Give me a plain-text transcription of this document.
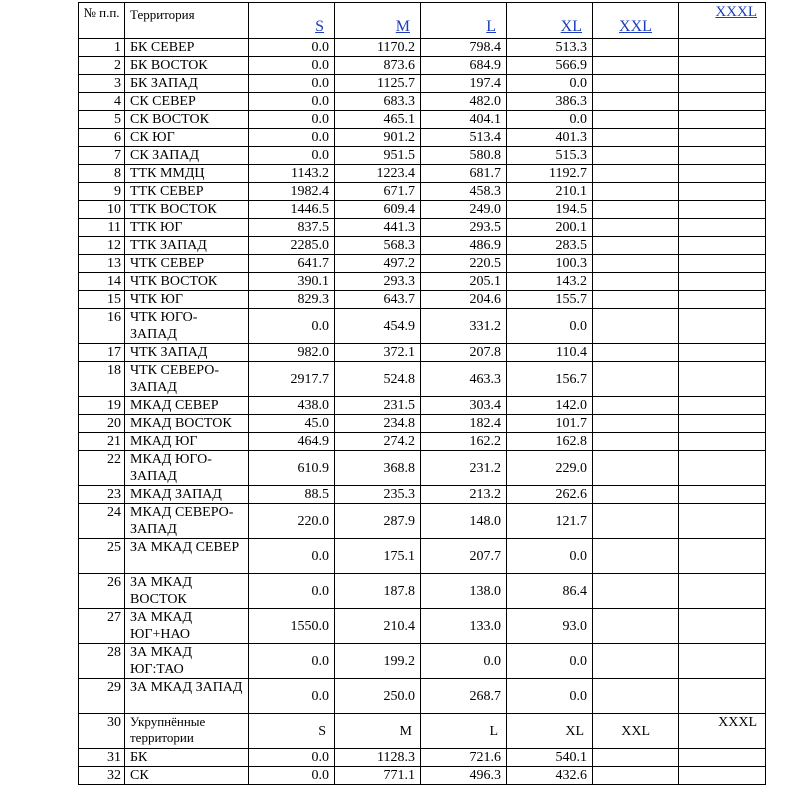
№ п.п.	Территория	S	M	L	XL	XXL	XXXL
1	БК СЕВЕР	0.0	1170.2	798.4	513.3		
2	БК ВОСТОК	0.0	873.6	684.9	566.9		
3	БК ЗАПАД	0.0	1125.7	197.4	0.0		
4	СК СЕВЕР	0.0	683.3	482.0	386.3		
5	СК ВОСТОК	0.0	465.1	404.1	0.0		
6	СК ЮГ	0.0	901.2	513.4	401.3		
7	СК ЗАПАД	0.0	951.5	580.8	515.3		
8	ТТК ММДЦ	1143.2	1223.4	681.7	1192.7		
9	ТТК СЕВЕР	1982.4	671.7	458.3	210.1		
10	ТТК ВОСТОК	1446.5	609.4	249.0	194.5		
11	ТТК ЮГ	837.5	441.3	293.5	200.1		
12	ТТК ЗАПАД	2285.0	568.3	486.9	283.5		
13	ЧТК СЕВЕР	641.7	497.2	220.5	100.3		
14	ЧТК ВОСТОК	390.1	293.3	205.1	143.2		
15	ЧТК ЮГ	829.3	643.7	204.6	155.7		
16	ЧТК ЮГО-ЗАПАД	0.0	454.9	331.2	0.0		
17	ЧТК ЗАПАД	982.0	372.1	207.8	110.4		
18	ЧТК СЕВЕРО-ЗАПАД	2917.7	524.8	463.3	156.7		
19	МКАД СЕВЕР	438.0	231.5	303.4	142.0		
20	МКАД ВОСТОК	45.0	234.8	182.4	101.7		
21	МКАД ЮГ	464.9	274.2	162.2	162.8		
22	МКАД ЮГО-ЗАПАД	610.9	368.8	231.2	229.0		
23	МКАД ЗАПАД	88.5	235.3	213.2	262.6		
24	МКАД СЕВЕРО-ЗАПАД	220.0	287.9	148.0	121.7		
25	ЗА МКАД СЕВЕР	0.0	175.1	207.7	0.0		
26	ЗА МКАД ВОСТОК	0.0	187.8	138.0	86.4		
27	ЗА МКАД ЮГ+НАО	1550.0	210.4	133.0	93.0		
28	ЗА МКАД ЮГ:ТАО	0.0	199.2	0.0	0.0		
29	ЗА МКАД ЗАПАД	0.0	250.0	268.7	0.0		
30	Укрупнённые территории	S	M	L	XL	XXL	XXXL
31	БК	0.0	1128.3	721.6	540.1		
32	СК	0.0	771.1	496.3	432.6		
